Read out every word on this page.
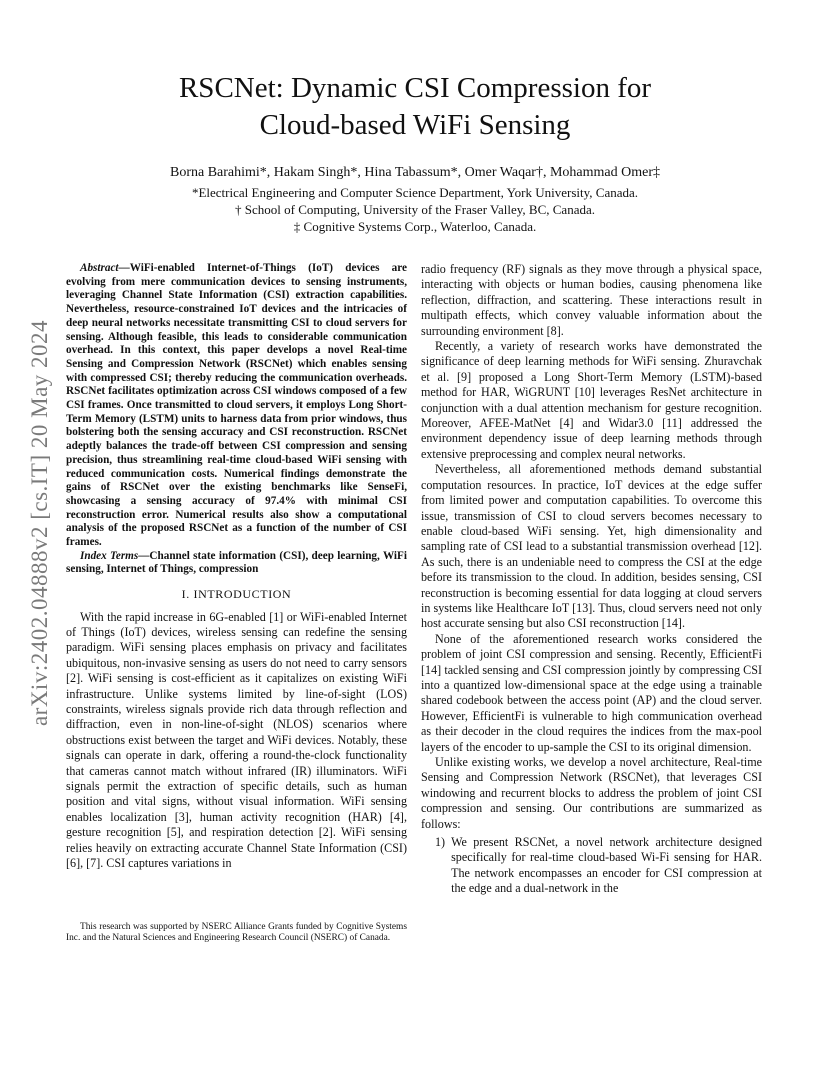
arXiv:2402.04888v2 [cs.IT] 20 May 2024
RSCNet: Dynamic CSI Compression for
Cloud-based WiFi Sensing
Borna Barahimi*, Hakam Singh*, Hina Tabassum*, Omer Waqar†, Mohammad Omer‡
*Electrical Engineering and Computer Science Department, York University, Canada.
† School of Computing, University of the Fraser Valley, BC, Canada.
‡ Cognitive Systems Corp., Waterloo, Canada.

Abstract—WiFi-enabled Internet-of-Things (IoT) devices are evolving from mere communication devices to sensing instruments, leveraging Channel State Information (CSI) extraction capabilities. Nevertheless, resource-constrained IoT devices and the intricacies of deep neural networks necessitate transmitting CSI to cloud servers for sensing. Although feasible, this leads to considerable communication overhead. In this context, this paper develops a novel Real-time Sensing and Compression Network (RSCNet) which enables sensing with compressed CSI; thereby reducing the communication overheads. RSCNet facilitates optimization across CSI windows composed of a few CSI frames. Once transmitted to cloud servers, it employs Long Short-Term Memory (LSTM) units to harness data from prior windows, thus bolstering both the sensing accuracy and CSI reconstruction. RSCNet adeptly balances the trade-off between CSI compression and sensing precision, thus streamlining real-time cloud-based WiFi sensing with reduced communication costs. Numerical findings demonstrate the gains of RSCNet over the existing benchmarks like SenseFi, showcasing a sensing accuracy of 97.4% with minimal CSI reconstruction error. Numerical results also show a computational analysis of the proposed RSCNet as a function of the number of CSI frames.

Index Terms—Channel state information (CSI), deep learning, WiFi sensing, Internet of Things, compression

I. INTRODUCTION

With the rapid increase in 6G-enabled [1] or WiFi-enabled Internet of Things (IoT) devices, wireless sensing can redefine the sensing paradigm. WiFi sensing places emphasis on privacy and facilitates ubiquitous, non-invasive sensing as users do not need to carry sensors [2]. WiFi sensing is cost-efficient as it capitalizes on existing WiFi infrastructure. Unlike systems limited by line-of-sight (LOS) constraints, wireless signals provide rich data through reflection and diffraction, even in non-line-of-sight (NLOS) scenarios where obstructions exist between the target and WiFi devices. Notably, these signals can operate in dark, offering a round-the-clock functionality that cameras cannot match without infrared (IR) illuminators. WiFi signals permit the extraction of specific details, such as human position and vital signs, without visual information. WiFi sensing enables localization [3], human activity recognition (HAR) [4], gesture recognition [5], and respiration detection [2]. WiFi sensing relies heavily on extracting accurate Channel State Information (CSI) [6], [7]. CSI captures variations in

This research was supported by NSERC Alliance Grants funded by Cognitive Systems Inc. and the Natural Sciences and Engineering Research Council (NSERC) of Canada.

radio frequency (RF) signals as they move through a physical space, interacting with objects or human bodies, causing phenomena like reflection, diffraction, and scattering. These interactions result in multipath effects, which convey valuable information about the surrounding environment [8].

Recently, a variety of research works have demonstrated the significance of deep learning methods for WiFi sensing. Zhuravchak et al. [9] proposed a Long Short-Term Memory (LSTM)-based method for HAR, WiGRUNT [10] leverages ResNet architecture in conjunction with a dual attention mechanism for gesture recognition. Moreover, AFEE-MatNet [4] and Widar3.0 [11] addressed the environment dependency issue of deep learning methods through extensive preprocessing and complex neural networks.

Nevertheless, all aforementioned methods demand substantial computation resources. In practice, IoT devices at the edge suffer from limited power and computation capabilities. To overcome this issue, transmission of CSI to cloud servers becomes necessary to enable cloud-based WiFi sensing. Yet, high dimensionality and sampling rate of CSI lead to a substantial transmission overhead [12]. As such, there is an undeniable need to compress the CSI at the edge before its transmission to the cloud. In addition, besides sensing, CSI reconstruction is becoming essential for data logging at cloud servers in systems like Healthcare IoT [13]. Thus, cloud servers need not only host accurate sensing but also CSI reconstruction [14].

None of the aforementioned research works considered the problem of joint CSI compression and sensing. Recently, EfficientFi [14] tackled sensing and CSI compression jointly by compressing CSI into a quantized low-dimensional space at the edge using a trainable shared codebook between the access point (AP) and the cloud server. However, EfficientFi is vulnerable to high communication overhead as their decoder in the cloud requires the indices from the max-pool layers of the encoder to up-sample the CSI to its original dimension.

Unlike existing works, we develop a novel architecture, Real-time Sensing and Compression Network (RSCNet), that leverages CSI windowing and recurrent blocks to address the problem of joint CSI compression and sensing. Our contributions are summarized as follows:

1) We present RSCNet, a novel network architecture designed specifically for real-time cloud-based Wi-Fi sensing for HAR. The network encompasses an encoder for CSI compression at the edge and a dual-network in the
